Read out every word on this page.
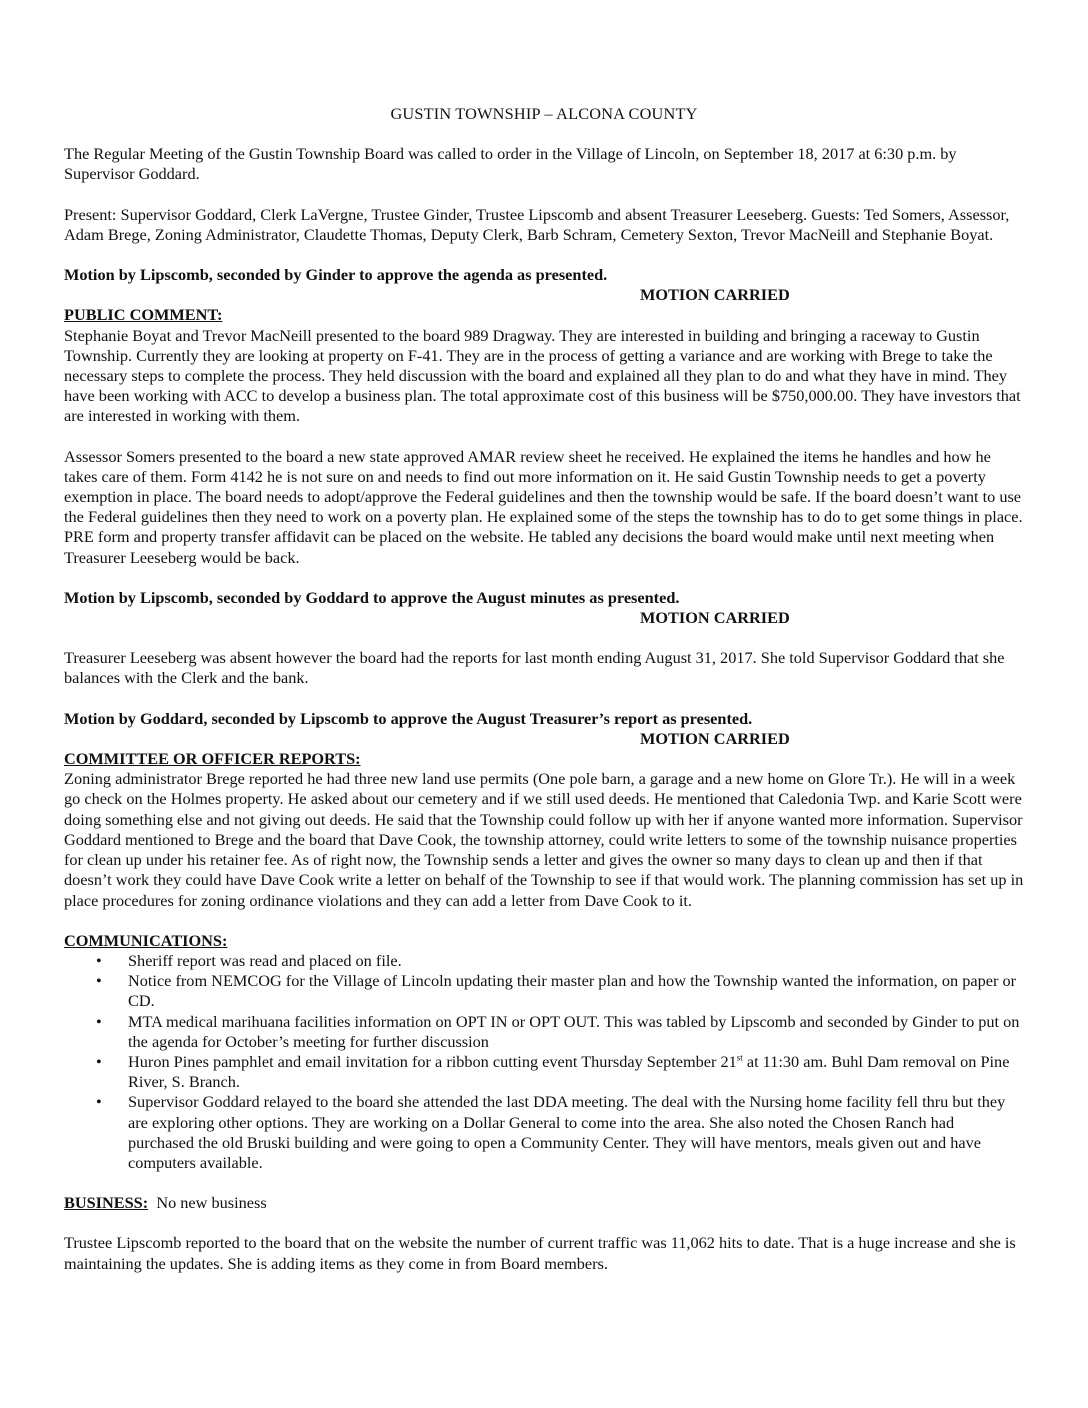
GUSTIN TOWNSHIP – ALCONA COUNTY

The Regular Meeting of the Gustin Township Board was called to order in the Village of Lincoln, on September 18, 2017 at 6:30 p.m. by Supervisor Goddard.

Present: Supervisor Goddard, Clerk LaVergne, Trustee Ginder, Trustee Lipscomb and absent Treasurer Leeseberg. Guests: Ted Somers, Assessor, Adam Brege, Zoning Administrator, Claudette Thomas, Deputy Clerk, Barb Schram, Cemetery Sexton, Trevor MacNeill and Stephanie Boyat.

Motion by Lipscomb, seconded by Ginder to approve the agenda as presented.

MOTION CARRIED

PUBLIC COMMENT:

Stephanie Boyat and Trevor MacNeill presented to the board 989 Dragway. They are interested in building and bringing a raceway to Gustin Township. Currently they are looking at property on F-41. They are in the process of getting a variance and are working with Brege to take the necessary steps to complete the process. They held discussion with the board and explained all they plan to do and what they have in mind. They have been working with ACC to develop a business plan. The total approximate cost of this business will be $750,000.00. They have investors that are interested in working with them.

Assessor Somers presented to the board a new state approved AMAR review sheet he received. He explained the items he handles and how he takes care of them. Form 4142 he is not sure on and needs to find out more information on it. He said Gustin Township needs to get a poverty exemption in place. The board needs to adopt/approve the Federal guidelines and then the township would be safe. If the board doesn’t want to use the Federal guidelines then they need to work on a poverty plan. He explained some of the steps the township has to do to get some things in place. PRE form and property transfer affidavit can be placed on the website. He tabled any decisions the board would make until next meeting when Treasurer Leeseberg would be back.

Motion by Lipscomb, seconded by Goddard to approve the August minutes as presented.

MOTION CARRIED

Treasurer Leeseberg was absent however the board had the reports for last month ending August 31, 2017. She told Supervisor Goddard that she balances with the Clerk and the bank.

Motion by Goddard, seconded by Lipscomb to approve the August Treasurer’s report as presented.

MOTION CARRIED

COMMITTEE OR OFFICER REPORTS:

Zoning administrator Brege reported he had three new land use permits (One pole barn, a garage and a new home on Glore Tr.). He will in a week go check on the Holmes property. He asked about our cemetery and if we still used deeds. He mentioned that Caledonia Twp. and Karie Scott were doing something else and not giving out deeds. He said that the Township could follow up with her if anyone wanted more information. Supervisor Goddard mentioned to Brege and the board that Dave Cook, the township attorney, could write letters to some of the township nuisance properties for clean up under his retainer fee. As of right now, the Township sends a letter and gives the owner so many days to clean up and then if that doesn’t work they could have Dave Cook write a letter on behalf of the Township to see if that would work. The planning commission has set up in place procedures for zoning ordinance violations and they can add a letter from Dave Cook to it.

COMMUNICATIONS:

• Sheriff report was read and placed on file.
• Notice from NEMCOG for the Village of Lincoln updating their master plan and how the Township wanted the information, on paper or CD.
• MTA medical marihuana facilities information on OPT IN or OPT OUT. This was tabled by Lipscomb and seconded by Ginder to put on the agenda for October’s meeting for further discussion
• Huron Pines pamphlet and email invitation for a ribbon cutting event Thursday September 21st at 11:30 am. Buhl Dam removal on Pine River, S. Branch.
• Supervisor Goddard relayed to the board she attended the last DDA meeting. The deal with the Nursing home facility fell thru but they are exploring other options. They are working on a Dollar General to come into the area. She also noted the Chosen Ranch had purchased the old Bruski building and were going to open a Community Center. They will have mentors, meals given out and have computers available.

BUSINESS: No new business

Trustee Lipscomb reported to the board that on the website the number of current traffic was 11,062 hits to date. That is a huge increase and she is maintaining the updates. She is adding items as they come in from Board members.
